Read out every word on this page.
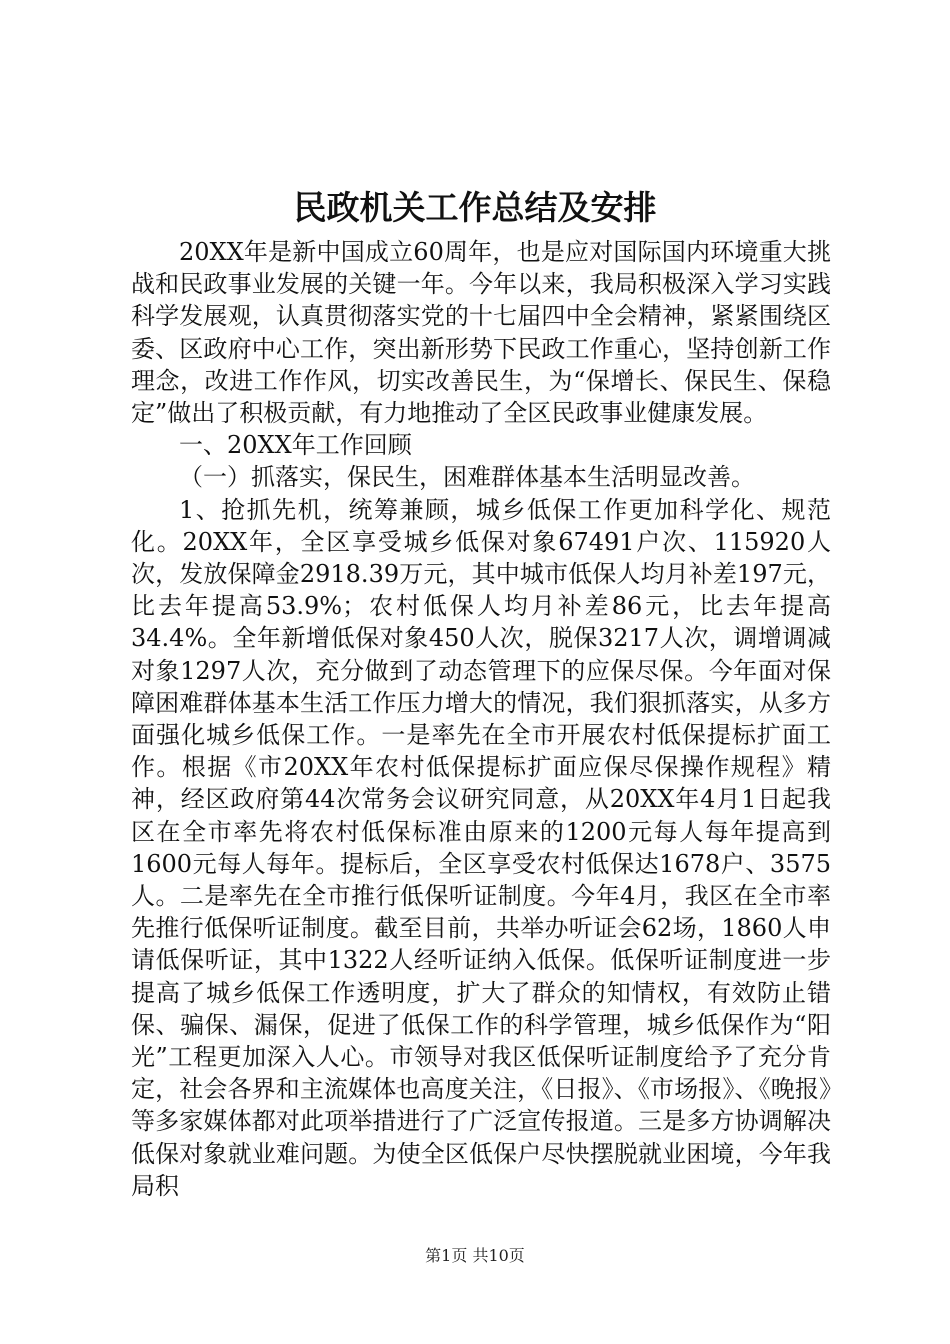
民政机关工作总结及安排

20XX年是新中国成立60周年，也是应对国际国内环境重大挑战和民政事业发展的关键一年。今年以来，我局积极深入学习实践科学发展观，认真贯彻落实党的十七届四中全会精神，紧紧围绕区委、区政府中心工作，突出新形势下民政工作重心，坚持创新工作理念，改进工作作风，切实改善民生，为“保增长、保民生、保稳定”做出了积极贡献，有力地推动了全区民政事业健康发展。

一、20XX年工作回顾

（一）抓落实，保民生，困难群体基本生活明显改善。

1、抢抓先机，统筹兼顾，城乡低保工作更加科学化、规范化。20XX年，全区享受城乡低保对象67491户次、115920人次，发放保障金2918.39万元，其中城市低保人均月补差197元，比去年提高53.9%；农村低保人均月补差86元，比去年提高34.4%。全年新增低保对象450人次，脱保3217人次，调增调减对象1297人次，充分做到了动态管理下的应保尽保。今年面对保障困难群体基本生活工作压力增大的情况，我们狠抓落实，从多方面强化城乡低保工作。一是率先在全市开展农村低保提标扩面工作。根据《市20XX年农村低保提标扩面应保尽保操作规程》精神，经区政府第44次常务会议研究同意，从20XX年4月1日起我区在全市率先将农村低保标准由原来的1200元每人每年提高到1600元每人每年。提标后，全区享受农村低保达1678户、3575人。二是率先在全市推行低保听证制度。今年4月，我区在全市率先推行低保听证制度。截至目前，共举办听证会62场，1860人申请低保听证，其中1322人经听证纳入低保。低保听证制度进一步提高了城乡低保工作透明度，扩大了群众的知情权，有效防止错保、骗保、漏保，促进了低保工作的科学管理，城乡低保作为“阳光”工程更加深入人心。市领导对我区低保听证制度给予了充分肯定，社会各界和主流媒体也高度关注，《日报》、《市场报》、《晚报》等多家媒体都对此项举措进行了广泛宣传报道。三是多方协调解决低保对象就业难问题。为使全区低保户尽快摆脱就业困境，今年我局积

第1页 共10页
